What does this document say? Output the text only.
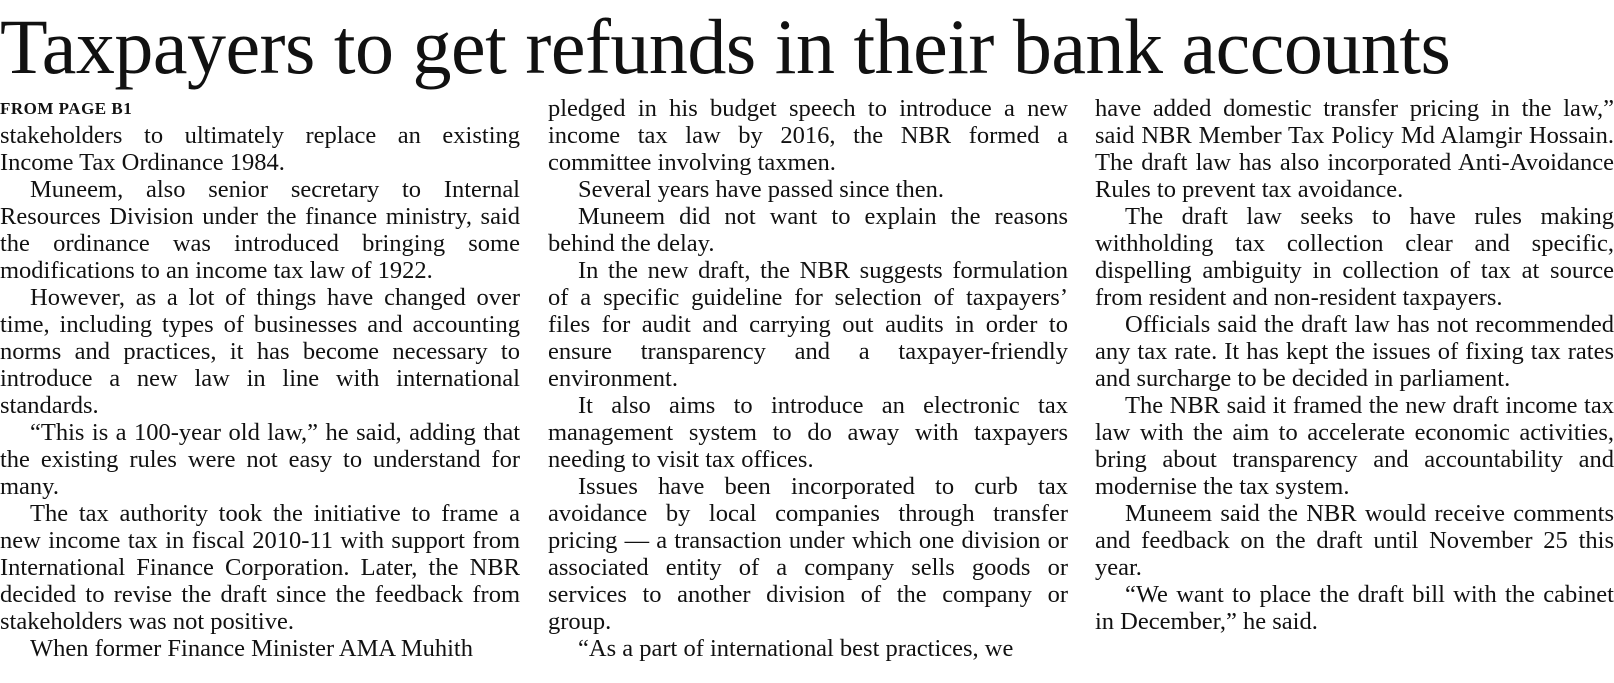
Taxpayers to get refunds in their bank accounts
FROM PAGE B1

stakeholders to ultimately replace an existing Income Tax Ordinance 1984.

Muneem, also senior secretary to Internal Resources Division under the finance ministry, said the ordinance was introduced bringing some modifications to an income tax law of 1922.

However, as a lot of things have changed over time, including types of businesses and accounting norms and practices, it has become necessary to introduce a new law in line with international standards.

“This is a 100-year old law,” he said, adding that the existing rules were not easy to understand for many.

The tax authority took the initiative to frame a new income tax in fiscal 2010-11 with support from International Finance Corporation. Later, the NBR decided to revise the draft since the feedback from stakeholders was not positive.

When former Finance Minister AMA Muhith

pledged in his budget speech to introduce a new income tax law by 2016, the NBR formed a committee involving taxmen.

Several years have passed since then.

Muneem did not want to explain the reasons behind the delay.

In the new draft, the NBR suggests formulation of a specific guideline for selection of taxpayers’ files for audit and carrying out audits in order to ensure transparency and a taxpayer-friendly environment.

It also aims to introduce an electronic tax management system to do away with taxpayers needing to visit tax offices.

Issues have been incorporated to curb tax avoidance by local companies through transfer pricing — a transaction under which one division or associated entity of a company sells goods or services to another division of the company or group.

“As a part of international best practices, we

have added domestic transfer pricing in the law,” said NBR Member Tax Policy Md Alamgir Hossain. The draft law has also incorporated Anti-Avoidance Rules to prevent tax avoidance.

The draft law seeks to have rules making withholding tax collection clear and specific, dispelling ambiguity in collection of tax at source from resident and non-resident taxpayers.

Officials said the draft law has not recommended any tax rate. It has kept the issues of fixing tax rates and surcharge to be decided in parliament.

The NBR said it framed the new draft income tax law with the aim to accelerate economic activities, bring about transparency and accountability and modernise the tax system.

Muneem said the NBR would receive comments and feedback on the draft until November 25 this year.

“We want to place the draft bill with the cabinet in December,” he said.
